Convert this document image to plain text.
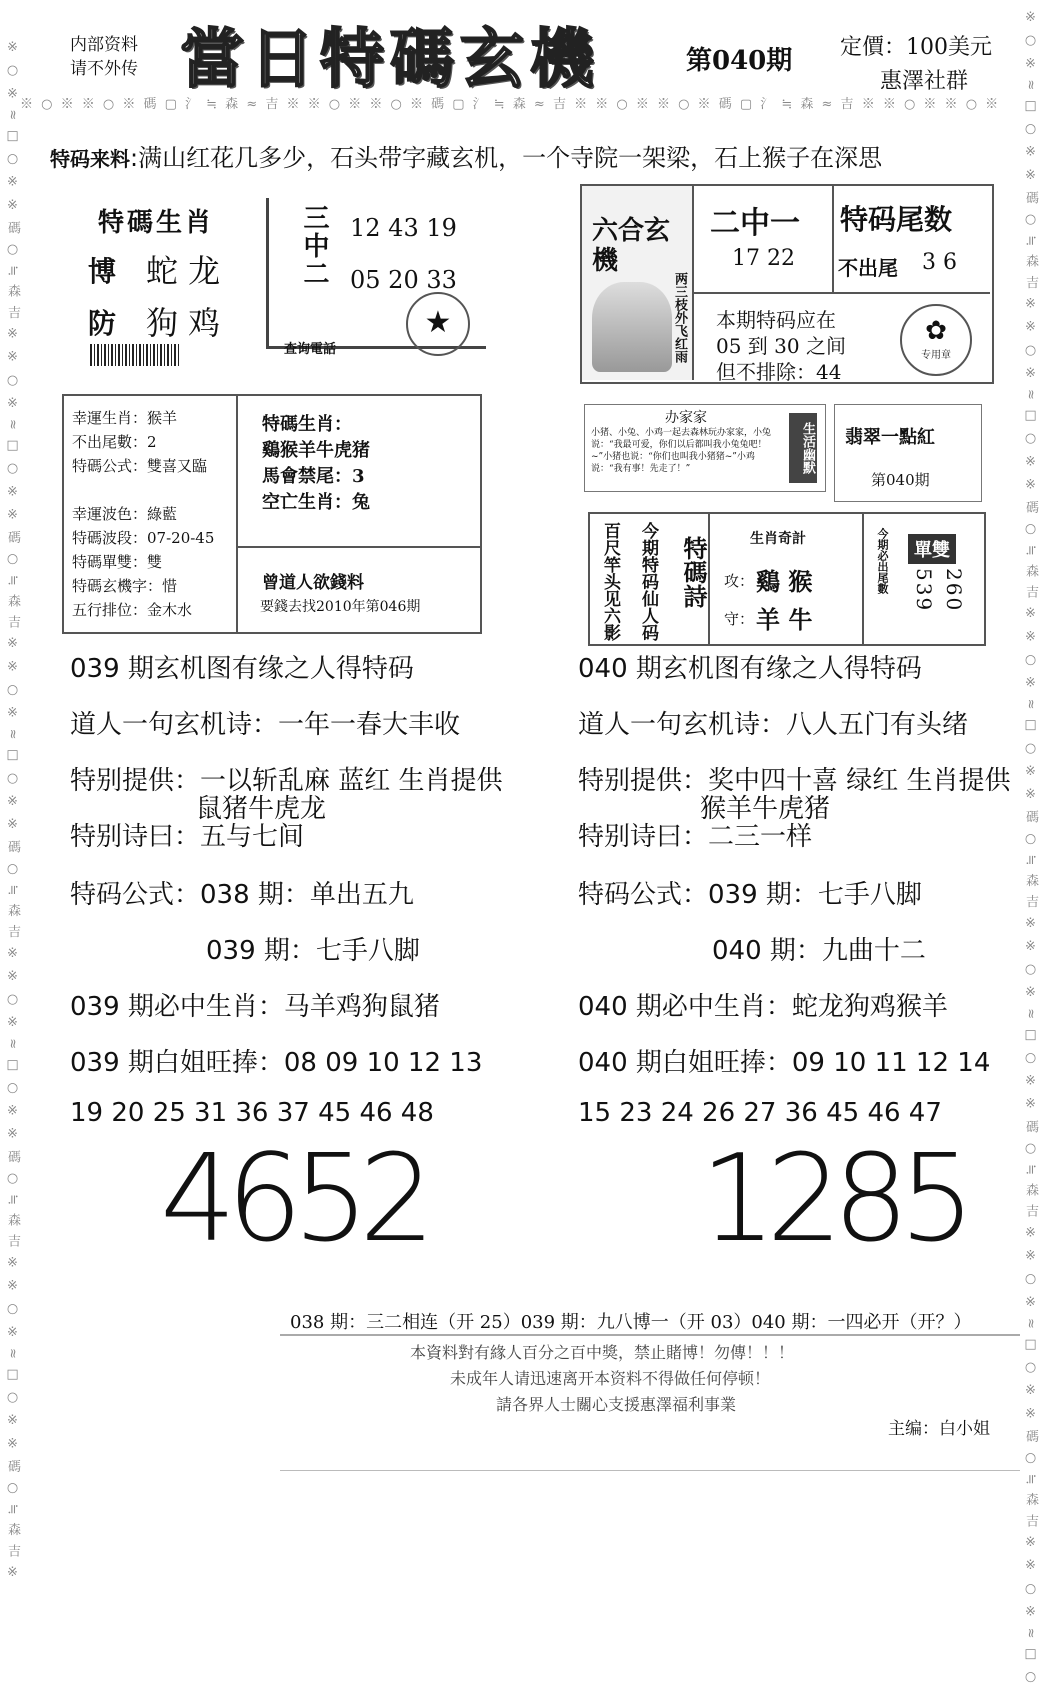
※ ○ ※ ※ ○ ※ 碼 ▢ 氵 ≒ 森 ≈ 吉 ※ ※ ○ ※ ※ ○ ※ 碼 ▢ 氵 ≒ 森 ≈ 吉 ※ ※ ○ ※ ※ ○ ※ 碼 ▢ 氵 ≒ 森 ≈ 吉 ※ ※ ○ ※ ※ ○ ※
※ ○ ※ ≈ □ ○ ※ ※ 碼 ○ ≒ 森 吉 ※ ※ ○ ※ ≈ □ ○ ※ ※ 碼 ○ ≒ 森 吉 ※ ※ ○ ※ ≈ □ ○ ※ ※ 碼 ○ ≒ 森 吉 ※ ※ ○ ※ ≈ □ ○ ※ ※ 碼 ○ ≒ 森 吉 ※ ※ ○ ※ ≈ □ ○ ※ ※ 碼 ○ ≒ 森 吉 ※	※ ○ ※ ≈ □ ○ ※ ※ 碼 ○ ≒ 森 吉 ※ ※ ○ ※ ≈ □ ○ ※ ※ 碼 ○ ≒ 森 吉 ※ ※ ○ ※ ≈ □ ○ ※ ※ 碼 ○ ≒ 森 吉 ※ ※ ○ ※ ≈ □ ○ ※ ※ 碼 ○ ≒ 森 吉 ※ ※ ○ ※ ≈ □ ○ ※ ※ 碼 ○ ≒ 森 吉 ※ ※ ○ ※ ≈ □ ○
内部资料
请不外传 當日特碼玄機	第040期 定價：100美元
惠澤社群
特码来料:满山红花几多少，石头带字藏玄机，一个寺院一架梁，石上猴子在深思
特碼生肖
博 蛇 龙
防 狗 鸡
三中二 12 43 19
05 20 33
查询電話
★
六合玄機
两三枝外飞红雨
二中一
17 22
特码尾数
不出尾 3 6
本期特码应在
05 到 30 之间
但不排除：44
✿
专用章
幸運生肖：猴羊
不出尾數：2
特碼公式：雙喜又臨
幸運波色：綠藍
特碼波段：07-20-45
特碼單雙：雙
特碼玄機字：惜
五行排位：金木水
特碼生肖：
鷄猴羊牛虎猪
馬會禁尾：3
空亡生肖：兔
曾道人欲錢料
要錢去找2010年第046期
办家家
小猪、小兔、小鸡一起去森林玩办家家，小兔说：“我最可爱，你们以后都叫我小兔兔吧！~”小猪也说：“你们也叫我小猪猪~”小鸡说：“我有事！先走了！”	生活幽默 翡翠一點紅
第040期
百尺竿头见六影 今期特码仙人码 特碼詩	生肖奇計
攻： 鷄 猴
守： 羊 牛
今期必出尾數	單雙
260
539
039 期玄机图有缘之人得特码
道人一句玄机诗：一年一春大丰收
特别提供：一以斩乱麻 蓝红 生肖提供
鼠猪牛虎龙
特别诗曰：五与七间
特码公式：038 期：单出五九
039 期：七手八脚
039 期必中生肖：马羊鸡狗鼠猪
039 期白姐旺捧：08 09 10 12 13
19 20 25 31 36 37 45 46 48
040 期玄机图有缘之人得特码
道人一句玄机诗：八人五门有头绪
特别提供：奖中四十喜 绿红 生肖提供
猴羊牛虎猪
特别诗曰：二三一样
特码公式：039 期：七手八脚
040 期：九曲十二
040 期必中生肖：蛇龙狗鸡猴羊
040 期白姐旺捧：09 10 11 12 14
15 23 24 26 27 36 45 46 47
4652 1285
038 期：三二相连（开 25）039 期：九八博一（开 03）040 期：一四必开（开？）
本資料對有緣人百分之百中獎，禁止賭博！勿傳！！！
未成年人请迅速离开本资料不得做任何停顿！
請各界人士關心支援惠澤福利事業
主编：白小姐
